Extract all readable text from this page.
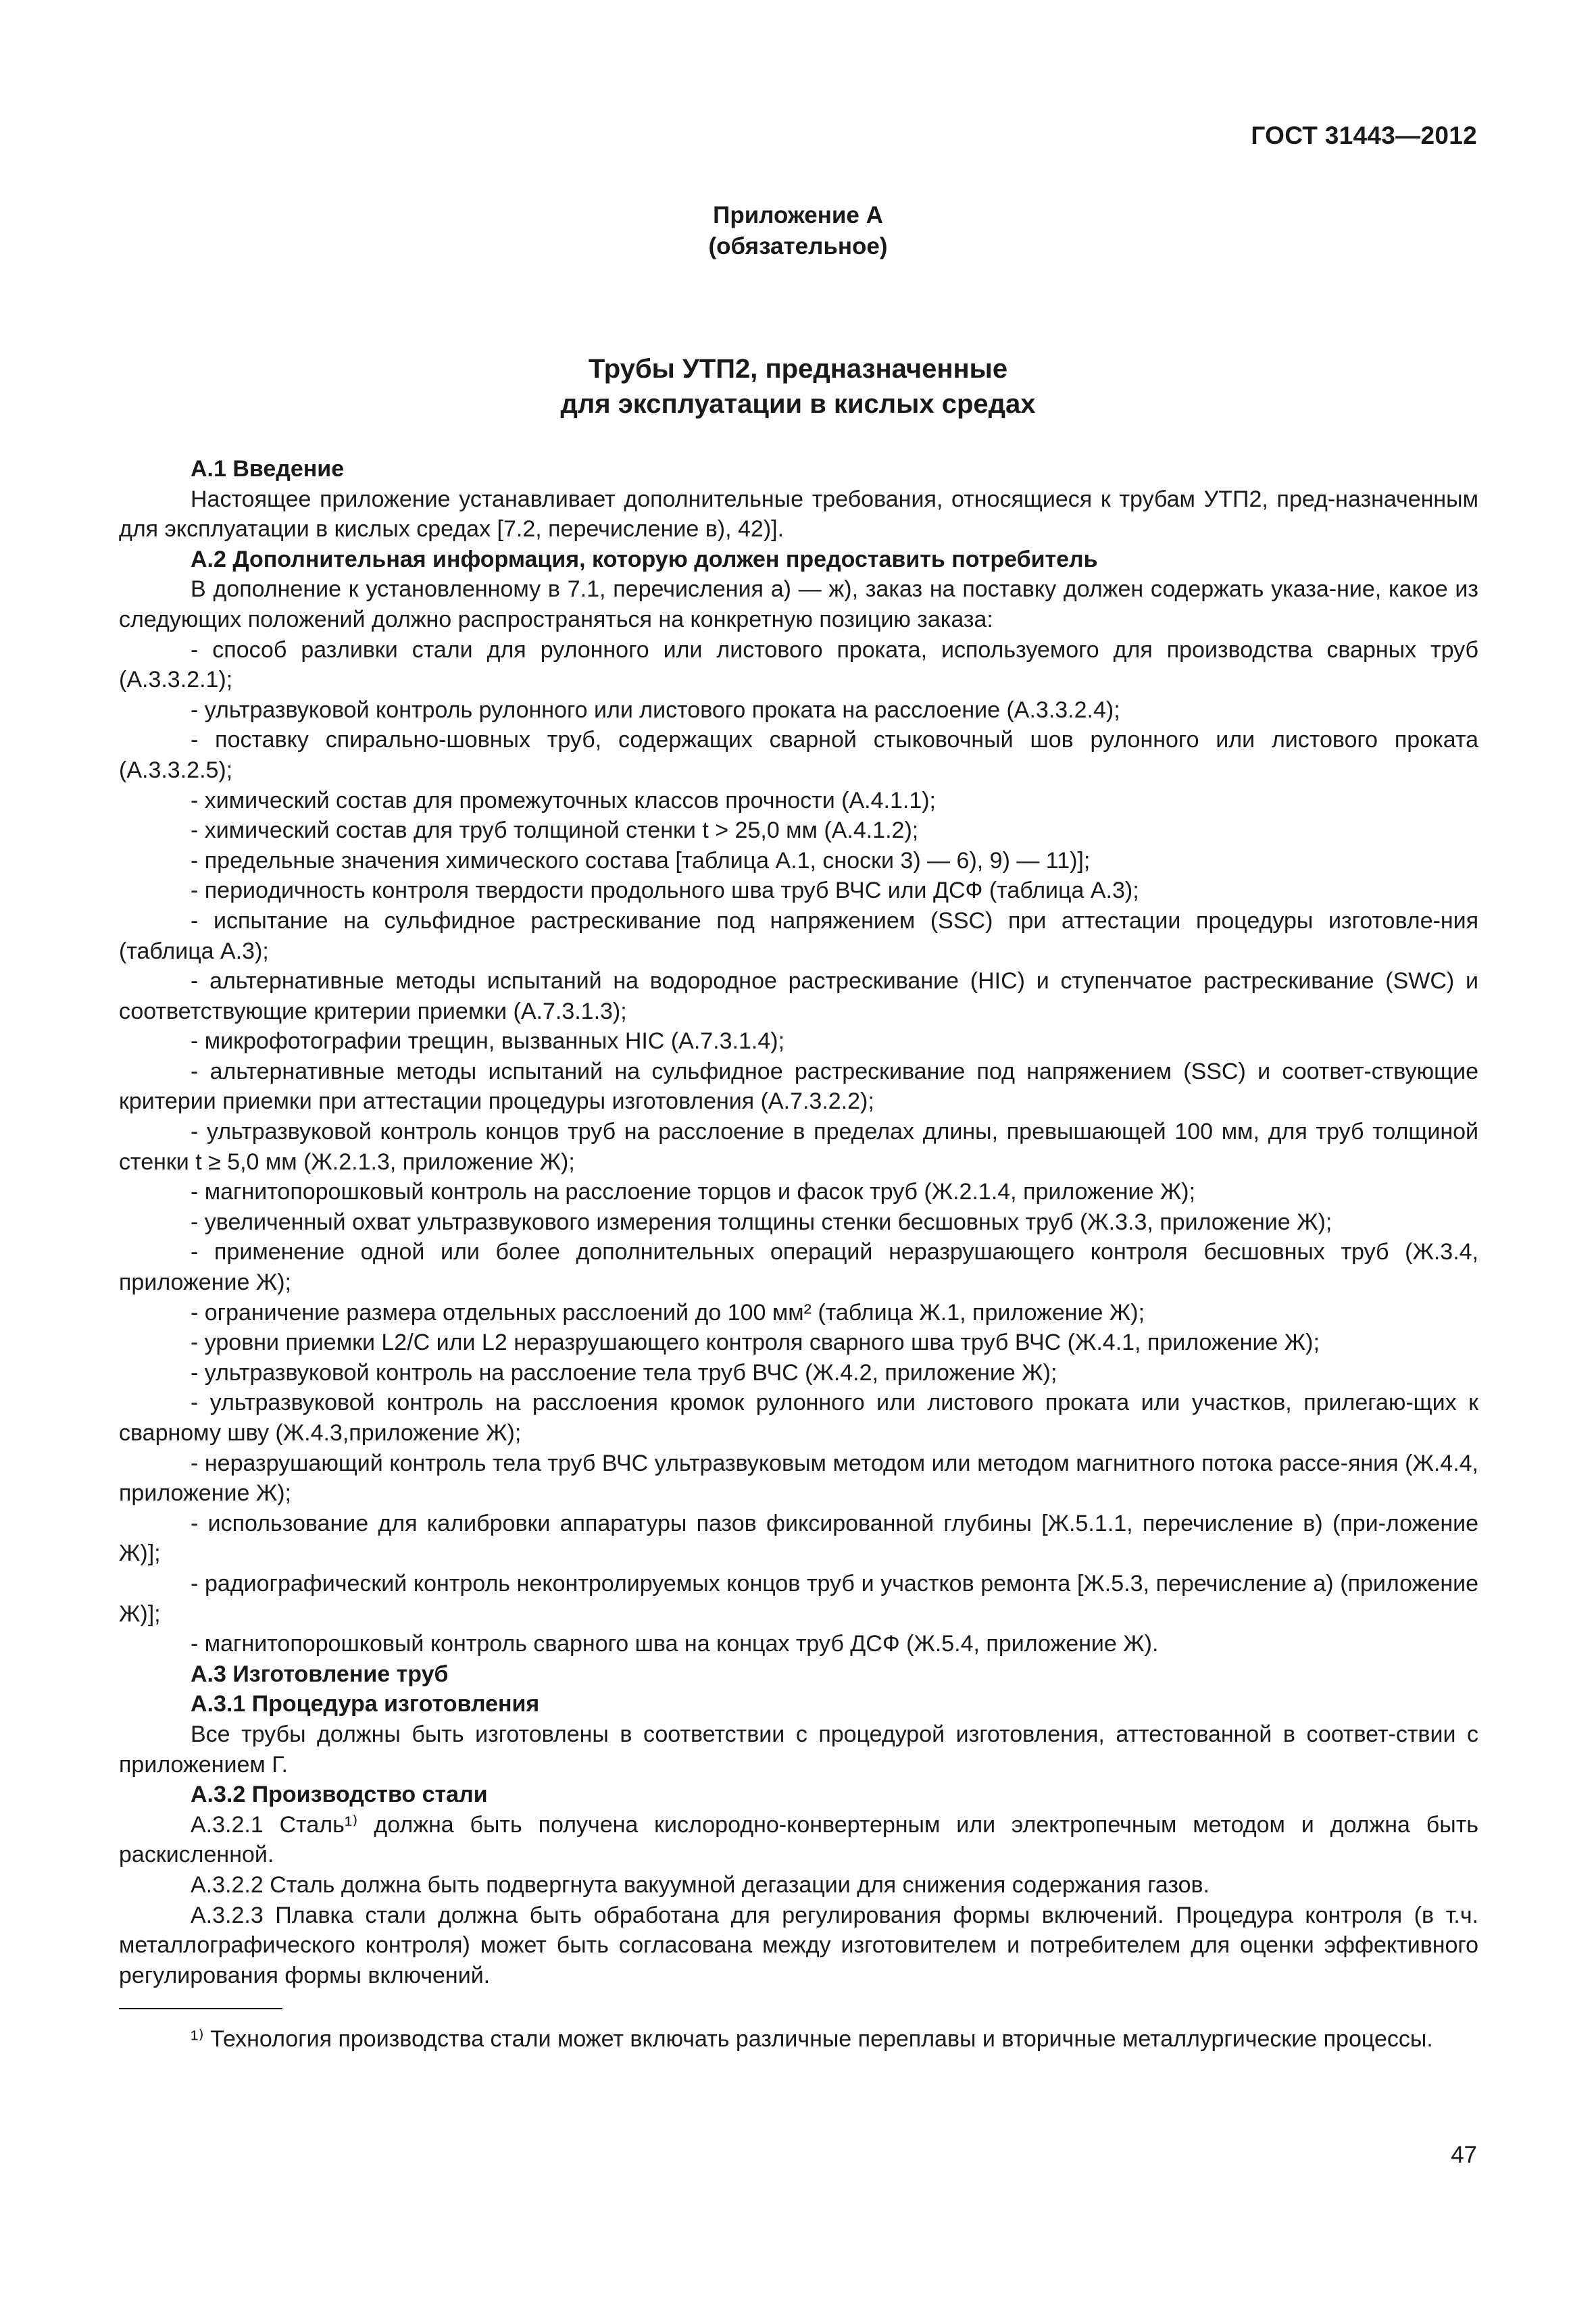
ГОСТ 31443—2012
Приложение А
(обязательное)
Трубы УТП2, предназначенные
для эксплуатации в кислых средах

А.1 Введение

Настоящее приложение устанавливает дополнительные требования, относящиеся к трубам УТП2, пред-назначенным для эксплуатации в кислых средах [7.2, перечисление в), 42)].

А.2 Дополнительная информация, которую должен предоставить потребитель

В дополнение к установленному в 7.1, перечисления а) — ж), заказ на поставку должен содержать указа-ние, какое из следующих положений должно распространяться на конкретную позицию заказа:

- способ разливки стали для рулонного или листового проката, используемого для производства сварных труб (А.3.3.2.1);

- ультразвуковой контроль рулонного или листового проката на расслоение (А.3.3.2.4);

- поставку спирально-шовных труб, содержащих сварной стыковочный шов рулонного или листового проката (А.3.3.2.5);

- химический состав для промежуточных классов прочности (А.4.1.1);

- химический состав для труб толщиной стенки t > 25,0 мм (А.4.1.2);

- предельные значения химического состава [таблица А.1, сноски 3) — 6), 9) — 11)];

- периодичность контроля твердости продольного шва труб ВЧС или ДСФ (таблица А.3);

- испытание на сульфидное растрескивание под напряжением (SSC) при аттестации процедуры изготовле-ния (таблица А.3);

- альтернативные методы испытаний на водородное растрескивание (HIC) и ступенчатое растрескивание (SWC) и соответствующие критерии приемки (А.7.3.1.3);

- микрофотографии трещин, вызванных HIC (А.7.3.1.4);

- альтернативные методы испытаний на сульфидное растрескивание под напряжением (SSC) и соответ-ствующие критерии приемки при аттестации процедуры изготовления (А.7.3.2.2);

- ультразвуковой контроль концов труб на расслоение в пределах длины, превышающей 100 мм, для труб толщиной стенки t ≥ 5,0 мм (Ж.2.1.3, приложение Ж);

- магнитопорошковый контроль на расслоение торцов и фасок труб (Ж.2.1.4, приложение Ж);

- увеличенный охват ультразвукового измерения толщины стенки бесшовных труб (Ж.3.3, приложение Ж);

- применение одной или более дополнительных операций неразрушающего контроля бесшовных труб (Ж.3.4, приложение Ж);

- ограничение размера отдельных расслоений до 100 мм² (таблица Ж.1, приложение Ж);

- уровни приемки L2/C или L2 неразрушающего контроля сварного шва труб ВЧС (Ж.4.1, приложение Ж);

- ультразвуковой контроль на расслоение тела труб ВЧС (Ж.4.2, приложение Ж);

- ультразвуковой контроль на расслоения кромок рулонного или листового проката или участков, прилегаю-щих к сварному шву (Ж.4.3,приложение Ж);

- неразрушающий контроль тела труб ВЧС ультразвуковым методом или методом магнитного потока рассе-яния (Ж.4.4, приложение Ж);

- использование для калибровки аппаратуры пазов фиксированной глубины [Ж.5.1.1, перечисление в) (при-ложение Ж)];

- радиографический контроль неконтролируемых концов труб и участков ремонта [Ж.5.3, перечисление а) (приложение Ж)];

- магнитопорошковый контроль сварного шва на концах труб ДСФ (Ж.5.4, приложение Ж).

А.3 Изготовление труб

А.3.1 Процедура изготовления

Все трубы должны быть изготовлены в соответствии с процедурой изготовления, аттестованной в соответ-ствии с приложением Г.

А.3.2 Производство стали

А.3.2.1 Сталь¹⁾ должна быть получена кислородно-конвертерным или электропечным методом и должна быть раскисленной.

А.3.2.2 Сталь должна быть подвергнута вакуумной дегазации для снижения содержания газов.

А.3.2.3 Плавка стали должна быть обработана для регулирования формы включений. Процедура контроля (в т.ч. металлографического контроля) может быть согласована между изготовителем и потребителем для оценки эффективного регулирования формы включений.

¹⁾ Технология производства стали может включать различные переплавы и вторичные металлургические процессы.

47
